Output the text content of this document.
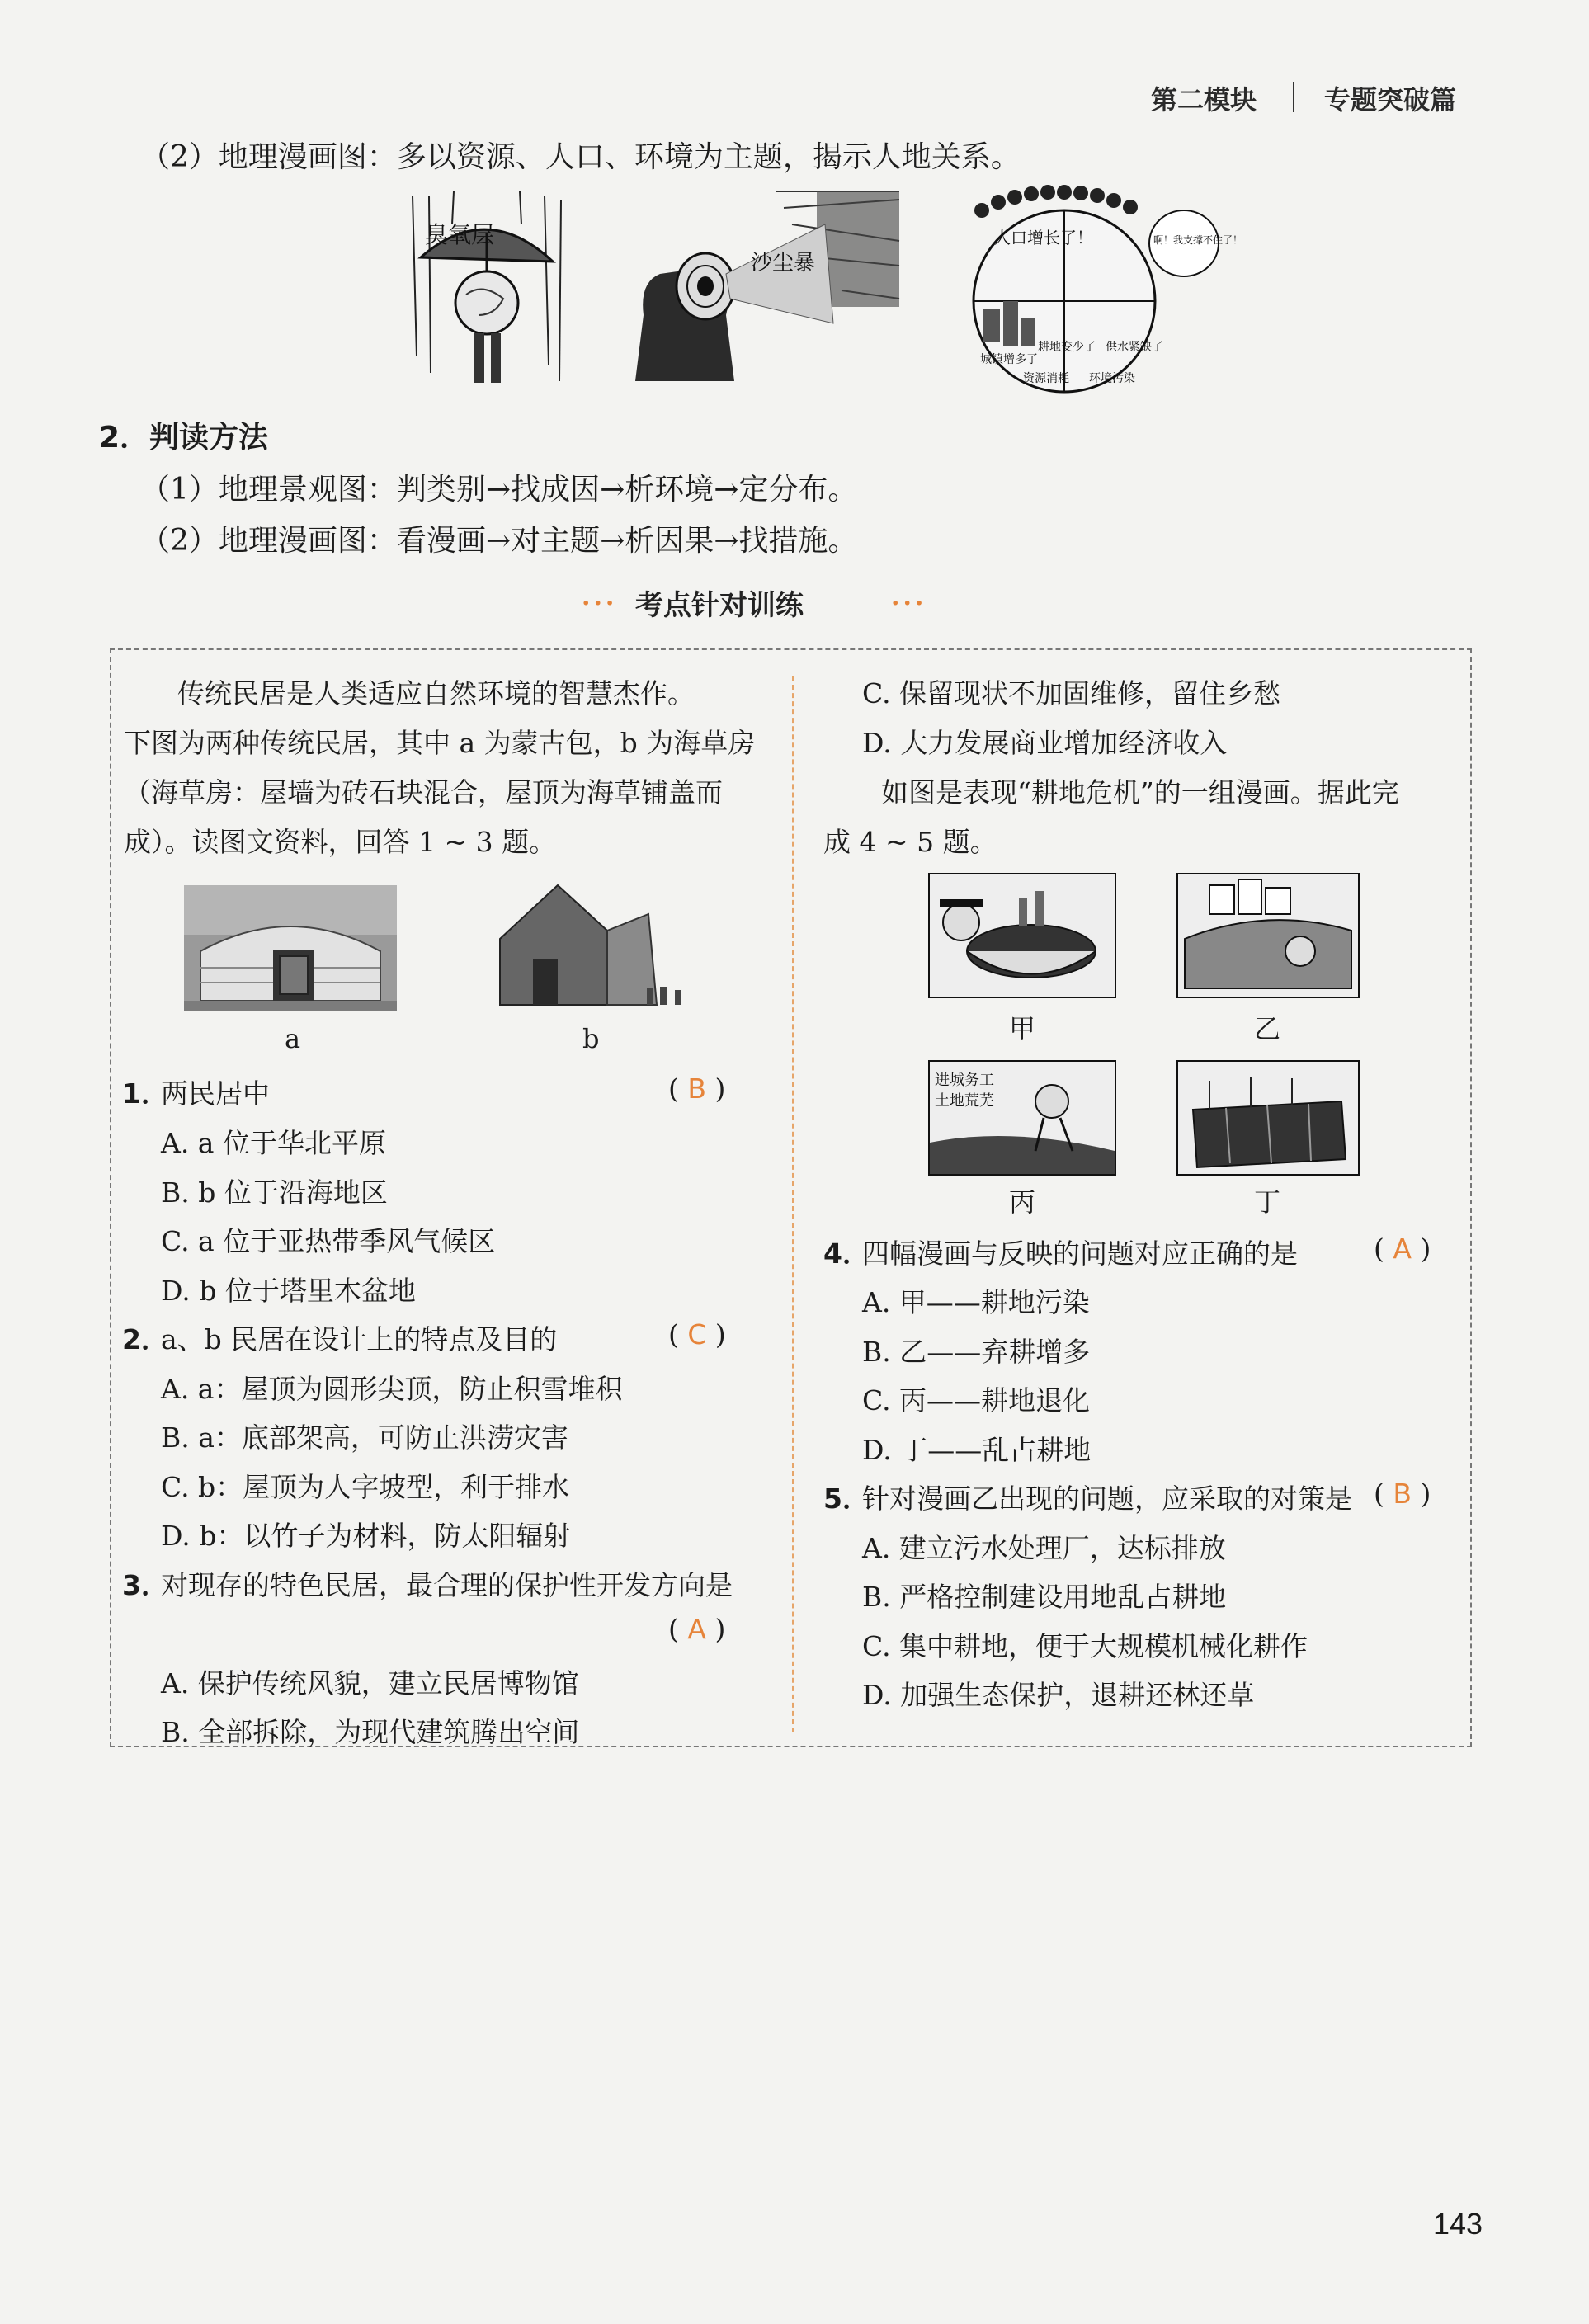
第二模块	专题突破篇
（2）地理漫画图：多以资源、人口、环境为主题，揭示人地关系。
臭氧层
沙尘暴
人口增长了！	啊！我支撑不住了！
城镇增多了
耕地变少了 供水紧缺了
资源消耗 环境污染
2．判读方法
（1）地理景观图：判类别→找成因→析环境→定分布。
（2）地理漫画图：看漫画→对主题→析因果→找措施。
··· 考点针对训练	···
传统民居是人类适应自然环境的智慧杰作。
下图为两种传统民居，其中 a 为蒙古包，b 为海草房
（海草房：屋墙为砖石块混合，屋顶为海草铺盖而
成）。读图文资料，回答 1 ~ 3 题。
a	b
1．
两民居中	( B )
A. a 位于华北平原
B. b 位于沿海地区
C. a 位于亚热带季风气候区
D. b 位于塔里木盆地
2．
a、b 民居在设计上的特点及目的	( C )
A. a：屋顶为圆形尖顶，防止积雪堆积
B. a：底部架高，可防止洪涝灾害
C. b：屋顶为人字坡型，利于排水
D. b：以竹子为材料，防太阳辐射
3．
对现存的特色民居，最合理的保护性开发方向是
( A )
A. 保护传统风貌，建立民居博物馆
B. 全部拆除，为现代建筑腾出空间
C. 保留现状不加固维修，留住乡愁
D. 大力发展商业增加经济收入
如图是表现“耕地危机”的一组漫画。据此完
成 4 ~ 5 题。
甲	乙
进城务工
土地荒芜
丙	丁
4．
四幅漫画与反映的问题对应正确的是	( A )
A. 甲——耕地污染
B. 乙——弃耕增多
C. 丙——耕地退化
D. 丁——乱占耕地
5．
针对漫画乙出现的问题，应采取的对策是 ( B )
A. 建立污水处理厂，达标排放
B. 严格控制建设用地乱占耕地
C. 集中耕地，便于大规模机械化耕作
D. 加强生态保护，退耕还林还草
143
